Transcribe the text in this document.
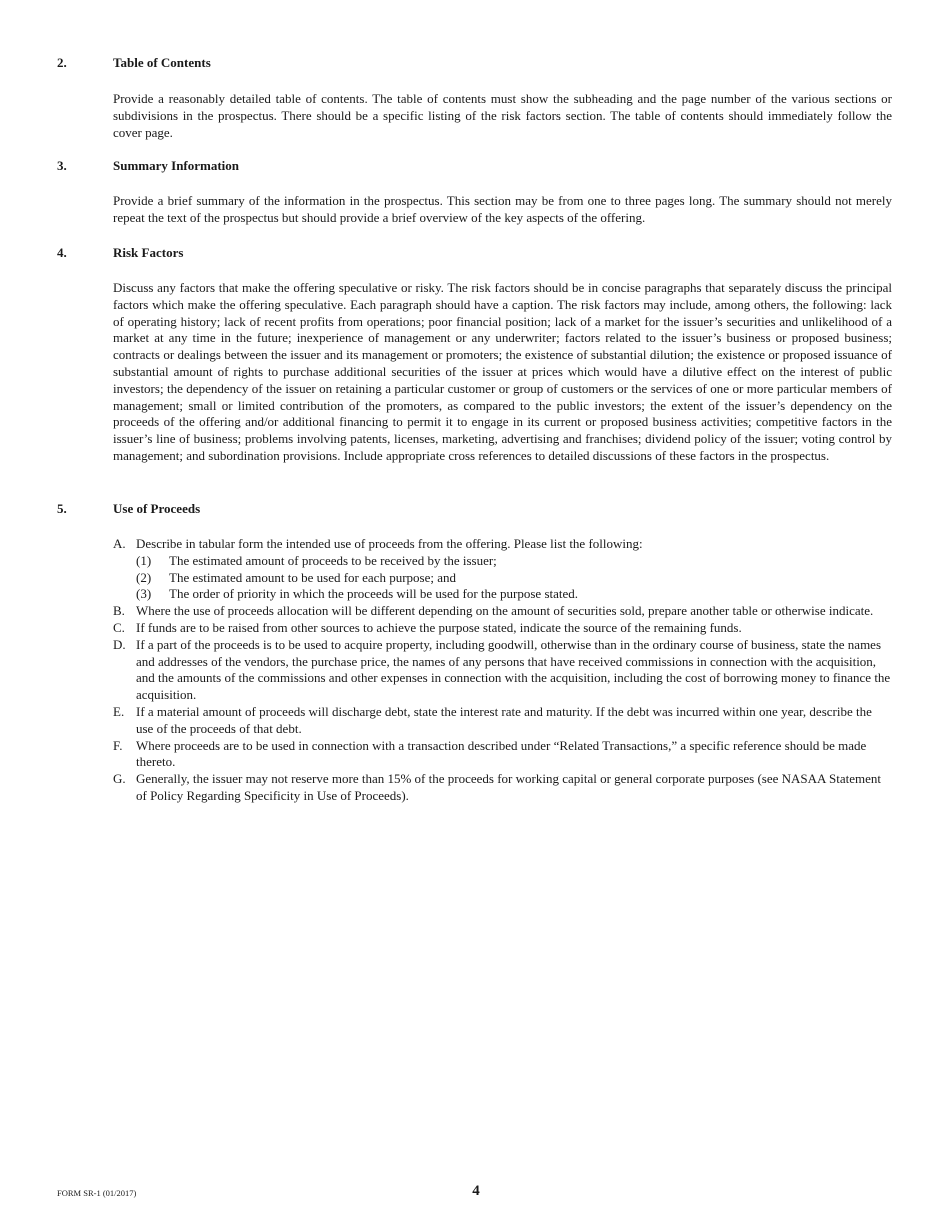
2.	Table of Contents
Provide a reasonably detailed table of contents. The table of contents must show the subheading and the page number of the various sections or subdivisions in the prospectus. There should be a specific listing of the risk factors section. The table of contents should immediately follow the cover page.
3.	Summary Information
Provide a brief summary of the information in the prospectus. This section may be from one to three pages long. The summary should not merely repeat the text of the prospectus but should provide a brief overview of the key aspects of the offering.
4.	Risk Factors
Discuss any factors that make the offering speculative or risky. The risk factors should be in concise paragraphs that separately discuss the principal factors which make the offering speculative. Each paragraph should have a caption. The risk factors may include, among others, the following: lack of operating history; lack of recent profits from operations; poor financial position; lack of a market for the issuer’s securities and unlikelihood of a market at any time in the future; inexperience of management or any underwriter; factors related to the issuer’s business or proposed business; contracts or dealings between the issuer and its management or promoters; the existence of substantial dilution; the existence or proposed issuance of substantial amount of rights to purchase additional securities of the issuer at prices which would have a dilutive effect on the interest of public investors; the dependency of the issuer on retaining a particular customer or group of customers or the services of one or more particular members of management; small or limited contribution of the promoters, as compared to the public investors; the extent of the issuer’s dependency on the proceeds of the offering and/or additional financing to permit it to engage in its current or proposed business activities; competitive factors in the issuer’s line of business; problems involving patents, licenses, marketing, advertising and franchises; dividend policy of the issuer; voting control by management; and subordination provisions. Include appropriate cross references to detailed discussions of these factors in the prospectus.
5.	Use of Proceeds
A. Describe in tabular form the intended use of proceeds from the offering. Please list the following:
(1) The estimated amount of proceeds to be received by the issuer;
(2) The estimated amount to be used for each purpose; and
(3) The order of priority in which the proceeds will be used for the purpose stated.
B. Where the use of proceeds allocation will be different depending on the amount of securities sold, prepare another table or otherwise indicate.
C. If funds are to be raised from other sources to achieve the purpose stated, indicate the source of the remaining funds.
D. If a part of the proceeds is to be used to acquire property, including goodwill, otherwise than in the ordinary course of business, state the names and addresses of the vendors, the purchase price, the names of any persons that have received commissions in connection with the acquisition, and the amounts of the commissions and other expenses in connection with the acquisition, including the cost of borrowing money to finance the acquisition.
E. If a material amount of proceeds will discharge debt, state the interest rate and maturity. If the debt was incurred within one year, describe the use of the proceeds of that debt.
F. Where proceeds are to be used in connection with a transaction described under “Related Transactions,” a specific reference should be made thereto.
G. Generally, the issuer may not reserve more than 15% of the proceeds for working capital or general corporate purposes (see NASAA Statement of Policy Regarding Specificity in Use of Proceeds).
FORM SR-1 (01/2017)	4
